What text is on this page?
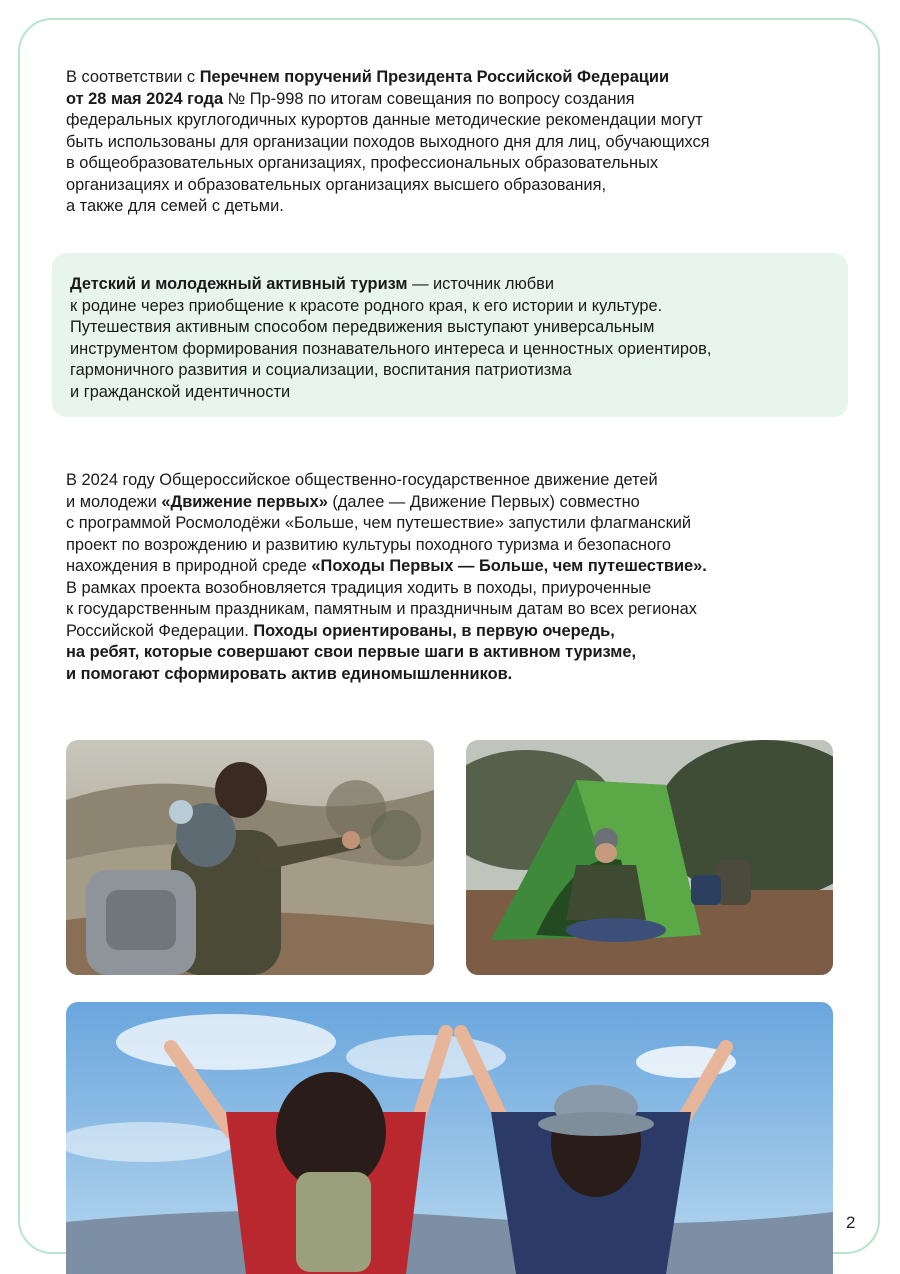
В соответствии с Перечнем поручений Президента Российской Федерации
от 28 мая 2024 года № Пр-998 по итогам совещания по вопросу создания
федеральных круглогодичных курортов данные методические рекомендации могут
быть использованы для организации походов выходного дня для лиц, обучающихся
в общеобразовательных организациях, профессиональных образовательных
организациях и образовательных организациях высшего образования,
а также для семей с детьми.
Детский и молодежный активный туризм — источник любви
к родине через приобщение к красоте родного края, к его истории и культуре.
Путешествия активным способом передвижения выступают универсальным
инструментом формирования познавательного интереса и ценностных ориентиров,
гармоничного развития и социализации, воспитания патриотизма
и гражданской идентичности
В 2024 году Общероссийское общественно-государственное движение детей
и молодежи «Движение первых» (далее — Движение Первых) совместно
с программой Росмолодёжи «Больше, чем путешествие» запустили флагманский
проект по возрождению и развитию культуры походного туризма и безопасного
нахождения в природной среде «Походы Первых — Больше, чем путешествие».
В рамках проекта возобновляется традиция ходить в походы, приуроченные
к государственным праздникам, памятным и праздничным датам во всех регионах
Российской Федерации. Походы ориентированы, в первую очередь,
на ребят, которые совершают свои первые шаги в активном туризме,
и помогают сформировать актив единомышленников.
2
